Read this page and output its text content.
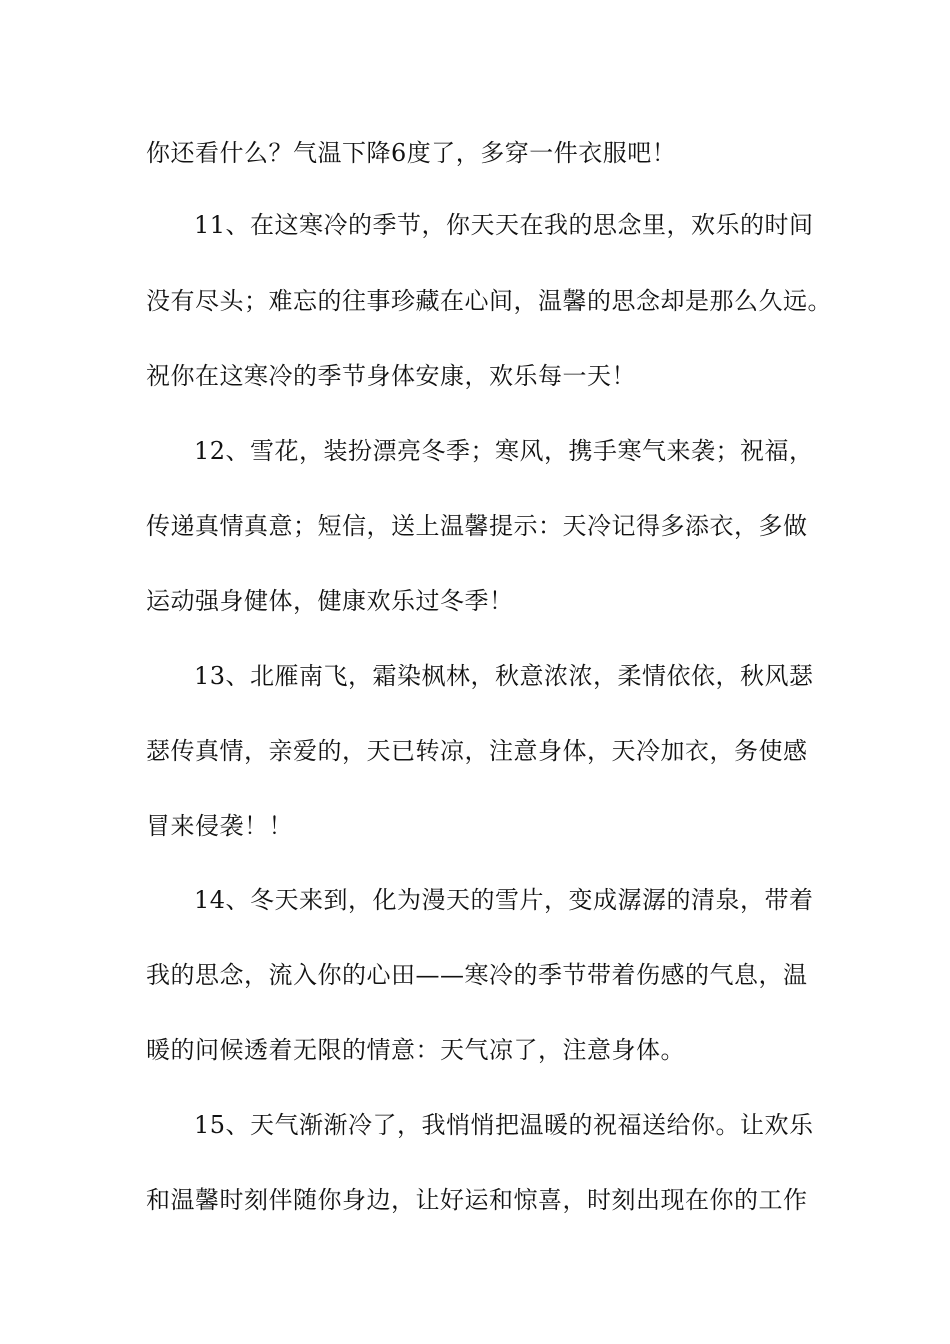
你还看什么？气温下降6度了，多穿一件衣服吧！
11、在这寒冷的季节，你天天在我的思念里，欢乐的时间
没有尽头；难忘的往事珍藏在心间，温馨的思念却是那么久远。
祝你在这寒冷的季节身体安康，欢乐每一天！
12、雪花，装扮漂亮冬季；寒风，携手寒气来袭；祝福，
传递真情真意；短信，送上温馨提示：天冷记得多添衣，多做
运动强身健体，健康欢乐过冬季！
13、北雁南飞，霜染枫林，秋意浓浓，柔情依依，秋风瑟
瑟传真情，亲爱的，天已转凉，注意身体，天冷加衣，务使感
冒来侵袭！！
14、冬天来到，化为漫天的雪片，变成潺潺的清泉，带着
我的思念，流入你的心田——寒冷的季节带着伤感的气息，温
暖的问候透着无限的情意：天气凉了，注意身体。
15、天气渐渐冷了，我悄悄把温暖的祝福送给你。让欢乐
和温馨时刻伴随你身边，让好运和惊喜，时刻出现在你的工作
